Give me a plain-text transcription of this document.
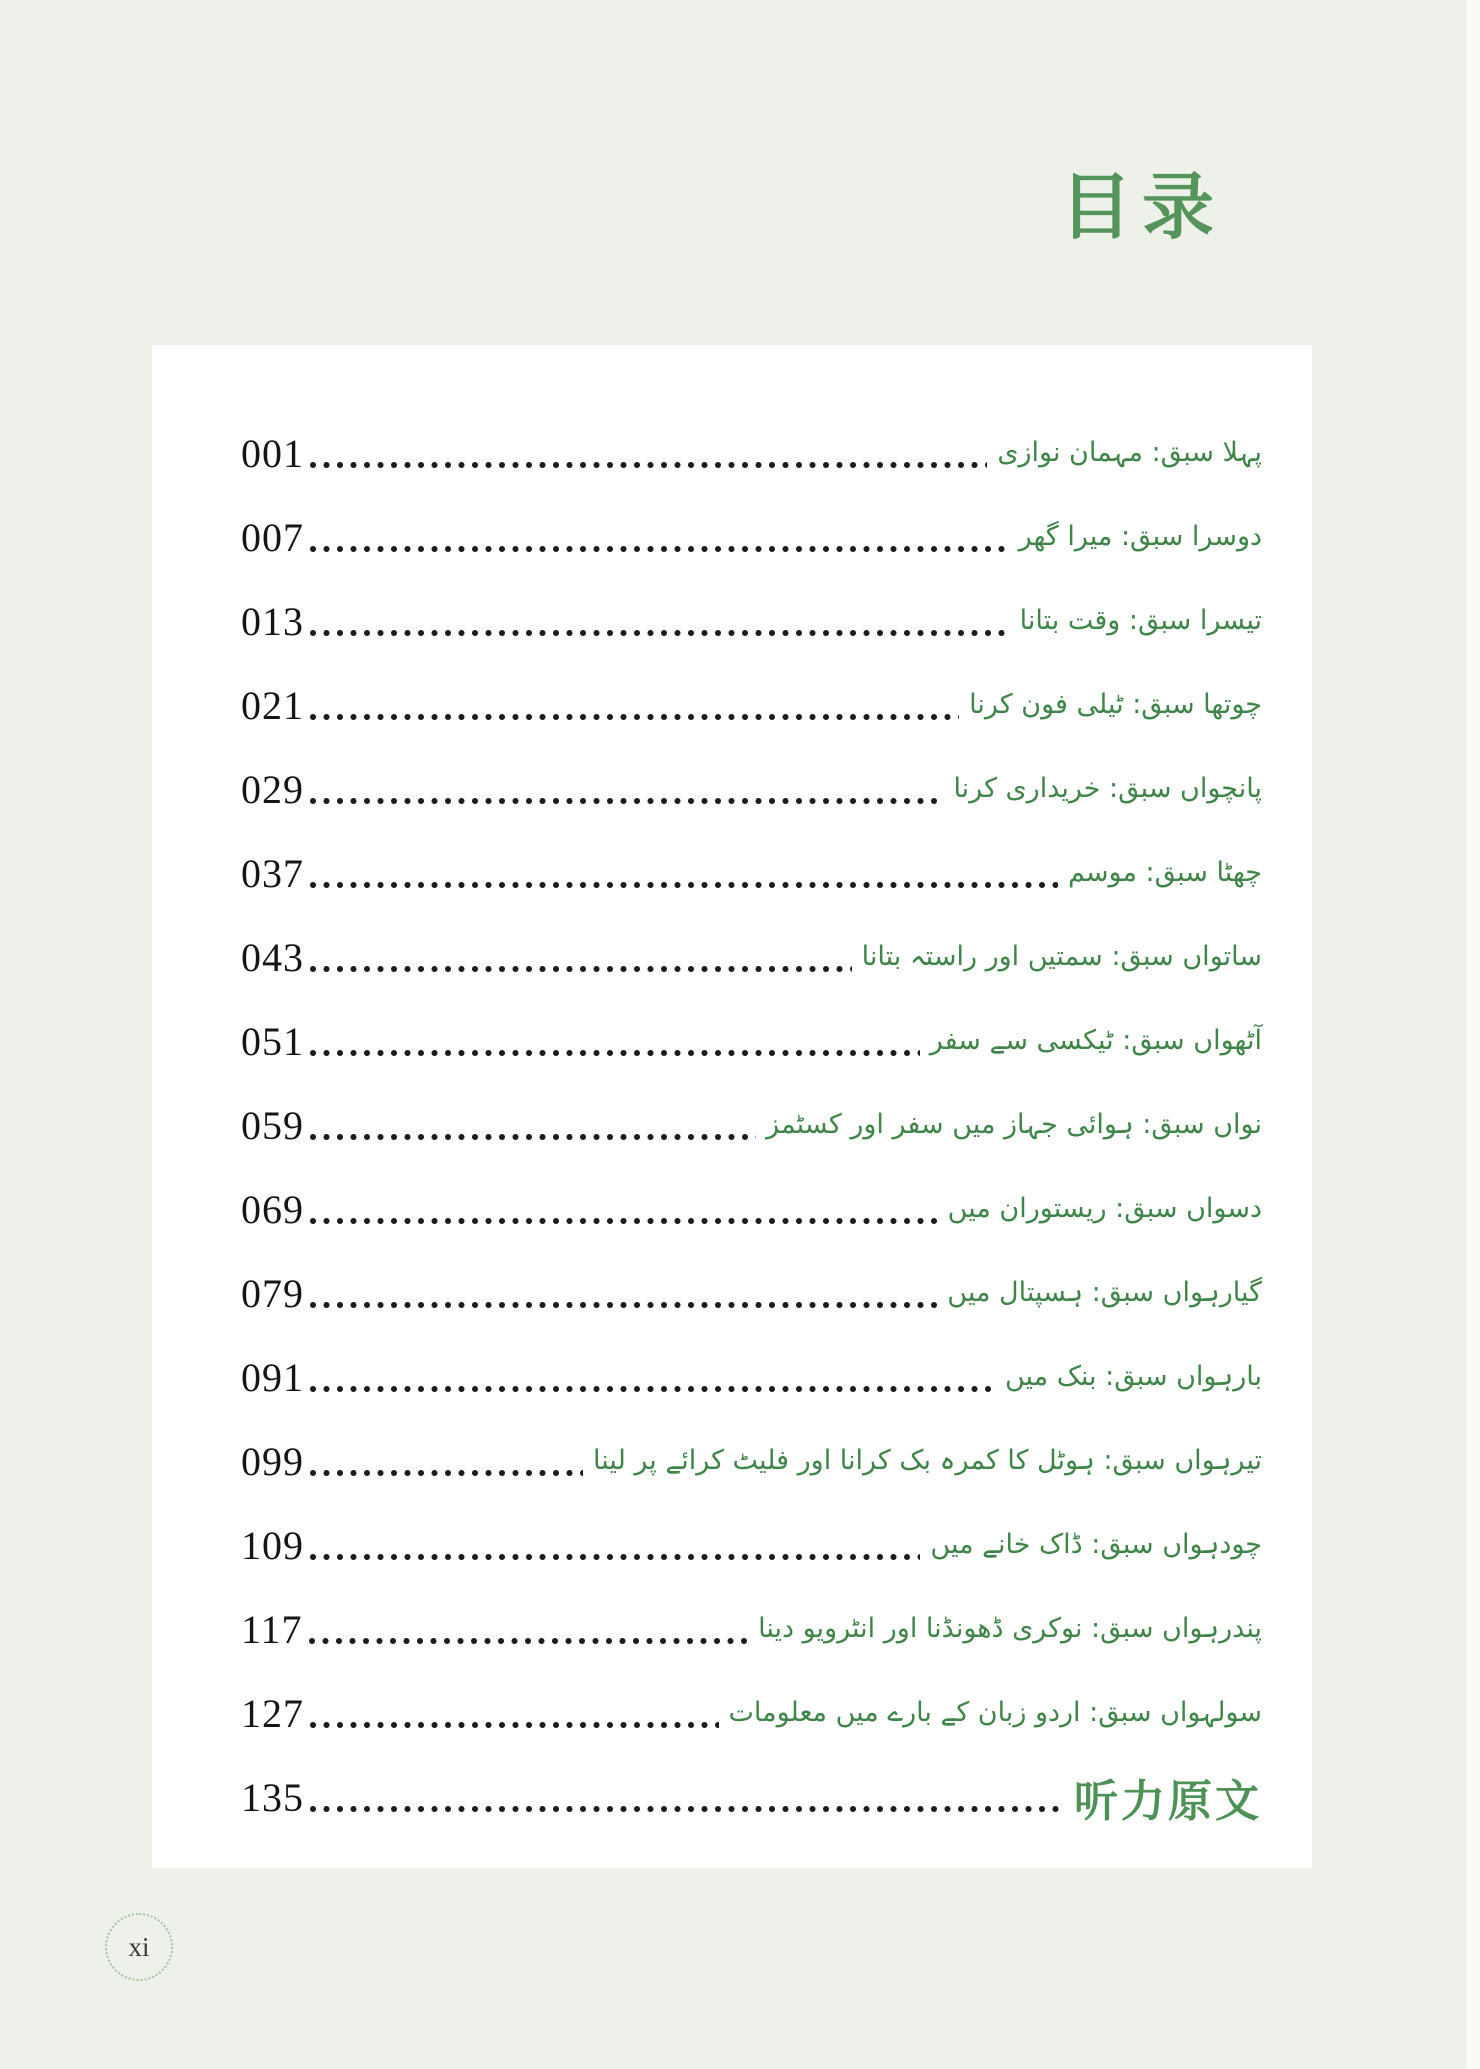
目录
001	پہلا سبق: مہمان نوازی
007	دوسرا سبق: میرا گھر
013	تیسرا سبق: وقت بتانا
021	چوتھا سبق: ٹیلی فون کرنا
029	پانچواں سبق: خریداری کرنا
037	چھٹا سبق: موسم
043	ساتواں سبق: سمتیں اور راستہ بتانا
051	آٹھواں سبق: ٹیکسی سے سفر
059	نواں سبق: ہوائی جہاز میں سفر اور کسٹمز
069	دسواں سبق: ریستوران میں
079	گیارہواں سبق: ہسپتال میں
091	بارہواں سبق: بنک میں
099	تیرہواں سبق: ہوٹل کا کمرہ بک کرانا اور فلیٹ کرائے پر لینا
109	چودہواں سبق: ڈاک خانے میں
117	پندرہواں سبق: نوکری ڈھونڈنا اور انٹرویو دینا
127	سولہواں سبق: اردو زبان کے بارے میں معلومات
135	听力原文
xi
